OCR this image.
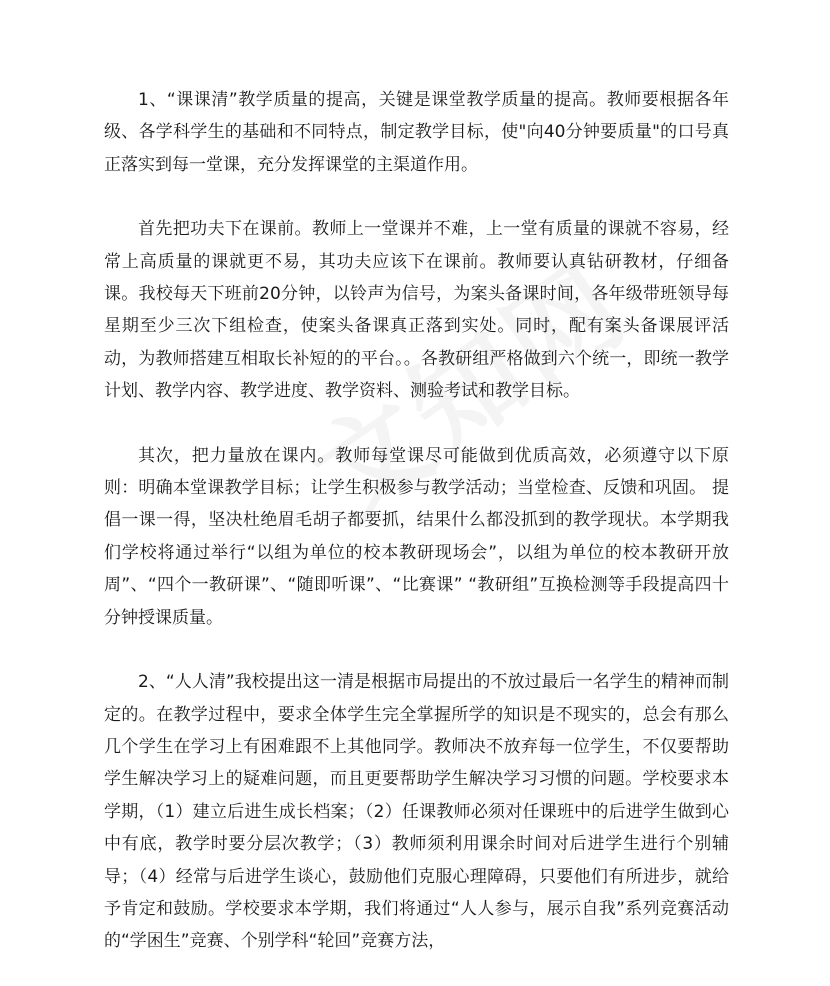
1、“课课清”教学质量的提高，关键是课堂教学质量的提高。教师要根据各年级、各学科学生的基础和不同特点，制定教学目标，使"向40分钟要质量"的口号真正落实到每一堂课，充分发挥课堂的主渠道作用。

首先把功夫下在课前。教师上一堂课并不难，上一堂有质量的课就不容易，经常上高质量的课就更不易，其功夫应该下在课前。教师要认真钻研教材，仔细备课。我校每天下班前20分钟，以铃声为信号，为案头备课时间，各年级带班领导每星期至少三次下组检查，使案头备课真正落到实处。同时，配有案头备课展评活动，为教师搭建互相取长补短的的平台。。各教研组严格做到六个统一，即统一教学计划、教学内容、教学进度、教学资料、测验考试和教学目标。

其次，把力量放在课内。教师每堂课尽可能做到优质高效，必须遵守以下原则：明确本堂课教学目标；让学生积极参与教学活动；当堂检查、反馈和巩固。 提倡一课一得，坚决杜绝眉毛胡子都要抓，结果什么都没抓到的教学现状。本学期我们学校将通过举行“以组为单位的校本教研现场会”，以组为单位的校本教研开放周”、“四个一教研课”、“随即听课”、“比赛课” “教研组”互换检测等手段提高四十分钟授课质量。

2、“人人清”我校提出这一清是根据市局提出的不放过最后一名学生的精神而制定的。在教学过程中，要求全体学生完全掌握所学的知识是不现实的，总会有那么几个学生在学习上有困难跟不上其他同学。教师决不放弃每一位学生，不仅要帮助学生解决学习上的疑难问题，而且更要帮助学生解决学习习惯的问题。学校要求本学期，（1）建立后进生成长档案；（2）任课教师必须对任课班中的后进学生做到心中有底，教学时要分层次教学；（3）教师须利用课余时间对后进学生进行个别辅导；（4）经常与后进学生谈心，鼓励他们克服心理障碍，只要他们有所进步，就给予肯定和鼓励。学校要求本学期，我们将通过“人人参与，展示自我”系列竞赛活动的“学困生”竞赛、个别学科“轮回”竞赛方法，
